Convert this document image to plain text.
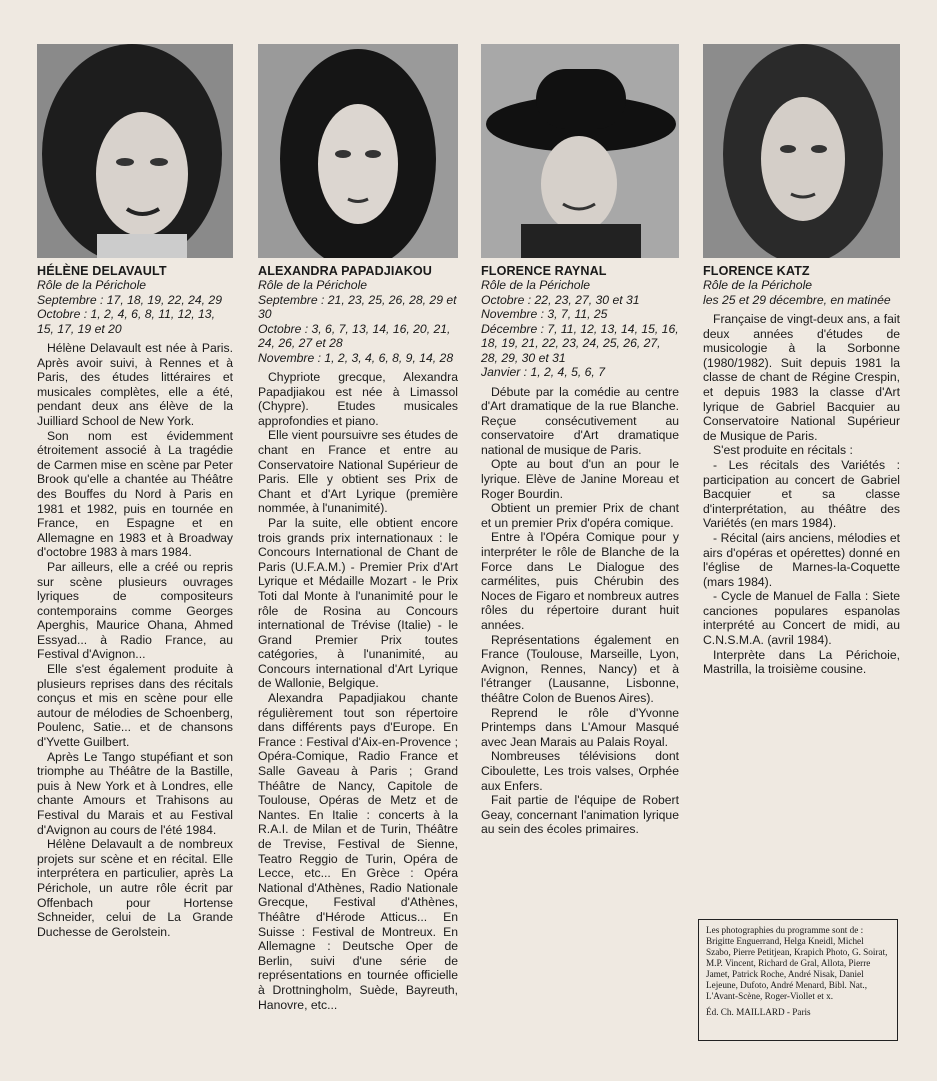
HÉLÈNE DELAVAULT
Rôle de la Périchole

Septembre : 17, 18, 19, 22, 24, 29

Octobre : 1, 2, 4, 6, 8, 11, 12, 13, 15, 17, 19 et 20

Hélène Delavault est née à Paris. Après avoir suivi, à Rennes et à Paris, des études littéraires et musicales complètes, elle a été, pendant deux ans élève de la Juilliard School de New York.

Son nom est évidemment étroitement associé à La tragédie de Carmen mise en scène par Peter Brook qu'elle a chantée au Théâtre des Bouffes du Nord à Paris en 1981 et 1982, puis en tournée en France, en Espagne et en Allemagne en 1983 et à Broadway d'octobre 1983 à mars 1984.

Par ailleurs, elle a créé ou repris sur scène plusieurs ouvrages lyriques de compositeurs contemporains comme Georges Aperghis, Maurice Ohana, Ahmed Essyad... à Radio France, au Festival d'Avignon...

Elle s'est également produite à plusieurs reprises dans des récitals conçus et mis en scène pour elle autour de mélodies de Schoenberg, Poulenc, Satie... et de chansons d'Yvette Guilbert.

Après Le Tango stupéfiant et son triomphe au Théâtre de la Bastille, puis à New York et à Londres, elle chante Amours et Trahisons au Festival du Marais et au Festival d'Avignon au cours de l'été 1984.

Hélène Delavault a de nombreux projets sur scène et en récital. Elle interprétera en particulier, après La Périchole, un autre rôle écrit par Offenbach pour Hortense Schneider, celui de La Grande Duchesse de Gerolstein.

ALEXANDRA PAPADJIAKOU
Rôle de la Périchole

Septembre : 21, 23, 25, 26, 28, 29 et 30

Octobre : 3, 6, 7, 13, 14, 16, 20, 21, 24, 26, 27 et 28

Novembre : 1, 2, 3, 4, 6, 8, 9, 14, 28

Chypriote grecque, Alexandra Papadjiakou est née à Limassol (Chypre). Etudes musicales approfondies et piano.

Elle vient poursuivre ses études de chant en France et entre au Conservatoire National Supérieur de Paris. Elle y obtient ses Prix de Chant et d'Art Lyrique (première nommée, à l'unanimité).

Par la suite, elle obtient encore trois grands prix internationaux : le Concours International de Chant de Paris (U.F.A.M.) - Premier Prix d'Art Lyrique et Médaille Mozart - le Prix Toti dal Monte à l'unanimité pour le rôle de Rosina au Concours international de Trévise (Italie) - le Grand Premier Prix toutes catégories, à l'unanimité, au Concours international d'Art Lyrique de Wallonie, Belgique.

Alexandra Papadjiakou chante régulièrement tout son répertoire dans différents pays d'Europe. En France : Festival d'Aix-en-Provence ; Opéra-Comique, Radio France et Salle Gaveau à Paris ; Grand Théâtre de Nancy, Capitole de Toulouse, Opéras de Metz et de Nantes. En Italie : concerts à la R.A.I. de Milan et de Turin, Théâtre de Trevise, Festival de Sienne, Teatro Reggio de Turin, Opéra de Lecce, etc... En Grèce : Opéra National d'Athènes, Radio Nationale Grecque, Festival d'Athènes, Théâtre d'Hérode Atticus... En Suisse : Festival de Montreux. En Allemagne : Deutsche Oper de Berlin, suivi d'une série de représentations en tournée officielle à Drottningholm, Suède, Bayreuth, Hanovre, etc...

FLORENCE RAYNAL
Rôle de la Périchole

Octobre : 22, 23, 27, 30 et 31

Novembre : 3, 7, 11, 25

Décembre : 7, 11, 12, 13, 14, 15, 16, 18, 19, 21, 22, 23, 24, 25, 26, 27, 28, 29, 30 et 31

Janvier : 1, 2, 4, 5, 6, 7

Débute par la comédie au centre d'Art dramatique de la rue Blanche. Reçue consécutivement au conservatoire d'Art dramatique national de musique de Paris.

Opte au bout d'un an pour le lyrique. Elève de Janine Moreau et Roger Bourdin.

Obtient un premier Prix de chant et un premier Prix d'opéra comique.

Entre à l'Opéra Comique pour y interpréter le rôle de Blanche de la Force dans Le Dialogue des carmélites, puis Chérubin des Noces de Figaro et nombreux autres rôles du répertoire durant huit années.

Représentations également en France (Toulouse, Marseille, Lyon, Avignon, Rennes, Nancy) et à l'étranger (Lausanne, Lisbonne, théâtre Colon de Buenos Aires).

Reprend le rôle d'Yvonne Printemps dans L'Amour Masqué avec Jean Marais au Palais Royal.

Nombreuses télévisions dont Ciboulette, Les trois valses, Orphée aux Enfers.

Fait partie de l'équipe de Robert Geay, concernant l'animation lyrique au sein des écoles primaires.

FLORENCE KATZ
Rôle de la Périchole

les 25 et 29 décembre, en matinée

Française de vingt-deux ans, a fait deux années d'études de musicologie à la Sorbonne (1980/1982). Suit depuis 1981 la classe de chant de Régine Crespin, et depuis 1983 la classe d'Art lyrique de Gabriel Bacquier au Conservatoire National Supérieur de Musique de Paris.

S'est produite en récitals :

- Les récitals des Variétés : participation au concert de Gabriel Bacquier et sa classe d'interprétation, au théâtre des Variétés (en mars 1984).

- Récital (airs anciens, mélodies et airs d'opéras et opérettes) donné en l'église de Marnes-la-Coquette (mars 1984).

- Cycle de Manuel de Falla : Siete canciones populares espanolas interprété au Concert de midi, au C.N.S.M.A. (avril 1984).

Interprète dans La Périchoie, Mastrilla, la troisième cousine.

Les photographies du programme sont de : Brigitte Enguerrand, Helga Kneidl, Michel Szabo, Pierre Petitjean, Krapich Photo, G. Soirat, M.P. Vincent, Richard de Gral, Allota, Pierre Jamet, Patrick Roche, André Nisak, Daniel Lejeune, Dufoto, André Menard, Bibl. Nat., L'Avant-Scène, Roger-Viollet et x.
Éd. Ch. MAILLARD - Paris
